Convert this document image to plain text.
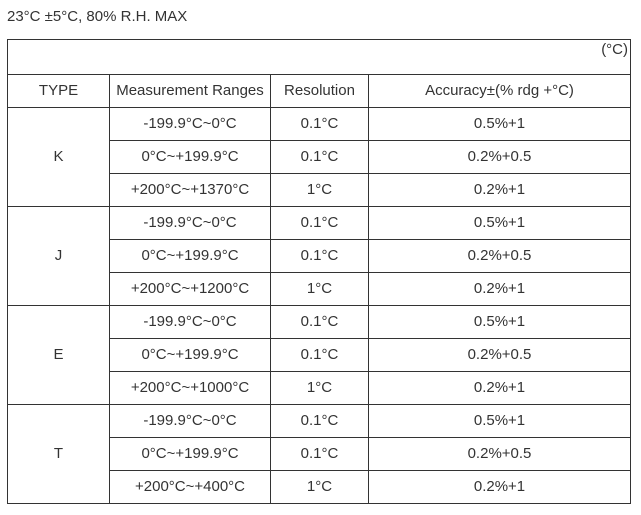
23°C ±5°C, 80% R.H. MAX
(°C)			
TYPE	Measurement Ranges	Resolution	Accuracy±(% rdg +°C)
K	-199.9°C~0°C	0.1°C	0.5%+1
	0°C~+199.9°C	0.1°C	0.2%+0.5
	+200°C~+1370°C	1°C	0.2%+1
J	-199.9°C~0°C	0.1°C	0.5%+1
	0°C~+199.9°C	0.1°C	0.2%+0.5
	+200°C~+1200°C	1°C	0.2%+1
E	-199.9°C~0°C	0.1°C	0.5%+1
	0°C~+199.9°C	0.1°C	0.2%+0.5
	+200°C~+1000°C	1°C	0.2%+1
T	-199.9°C~0°C	0.1°C	0.5%+1
	0°C~+199.9°C	0.1°C	0.2%+0.5
	+200°C~+400°C	1°C	0.2%+1
